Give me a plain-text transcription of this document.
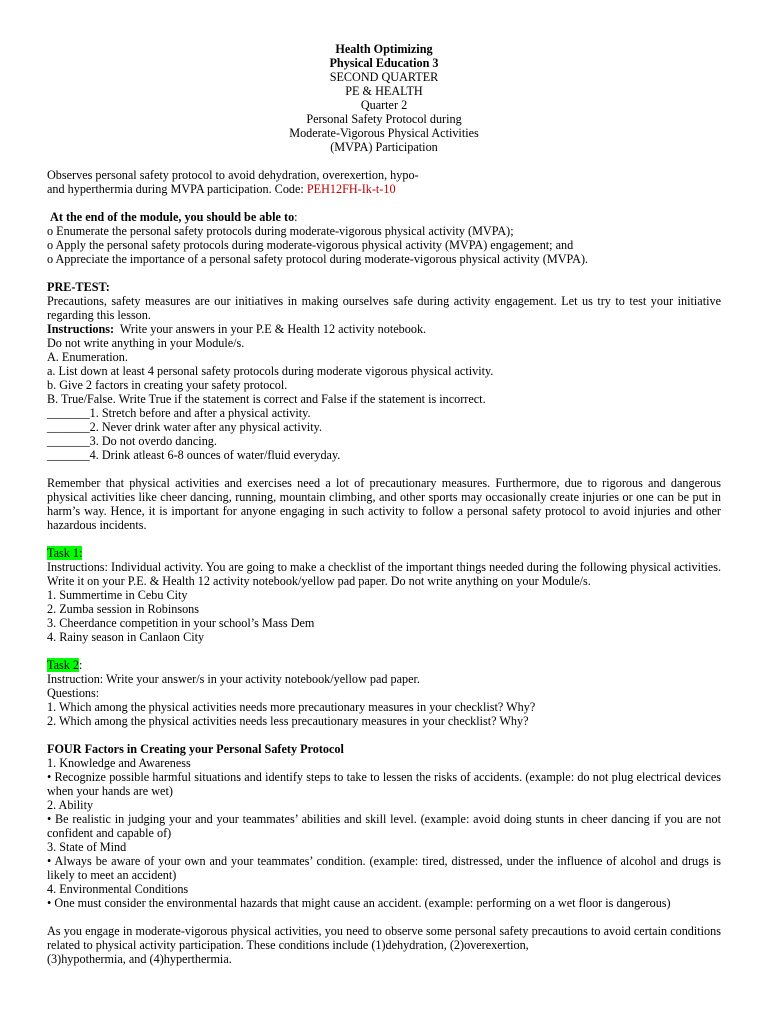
Health Optimizing
Physical Education 3
SECOND QUARTER
PE & HEALTH
Quarter 2
Personal Safety Protocol during
Moderate-Vigorous Physical Activities
(MVPA) Participation
Observes personal safety protocol to avoid dehydration, overexertion, hypo-
and hyperthermia during MVPA participation. Code: PEH12FH-Ik-t-10
At the end of the module, you should be able to:
o Enumerate the personal safety protocols during moderate-vigorous physical activity (MVPA);
o Apply the personal safety protocols during moderate-vigorous physical activity (MVPA) engagement; and
o Appreciate the importance of a personal safety protocol during moderate-vigorous physical activity (MVPA).
PRE-TEST:
Precautions, safety measures are our initiatives in making ourselves safe during activity engagement. Let us try to test your initiative regarding this lesson.
Instructions:  Write your answers in your P.E & Health 12 activity notebook.
Do not write anything in your Module/s.
A. Enumeration.
a. List down at least 4 personal safety protocols during moderate vigorous physical activity.
b. Give 2 factors in creating your safety protocol.
B. True/False. Write True if the statement is correct and False if the statement is incorrect.
_______1. Stretch before and after a physical activity.
_______2. Never drink water after any physical activity.
_______3. Do not overdo dancing.
_______4. Drink atleast 6-8 ounces of water/fluid everyday.
Remember that physical activities and exercises need a lot of precautionary measures. Furthermore, due to rigorous and dangerous physical activities like cheer dancing, running, mountain climbing, and other sports may occasionally create injuries or one can be put in harm’s way. Hence, it is important for anyone engaging in such activity to follow a personal safety protocol to avoid injuries and other hazardous incidents.
Task 1:
Instructions: Individual activity. You are going to make a checklist of the important things needed during the following physical activities. Write it on your P.E. & Health 12 activity notebook/yellow pad paper. Do not write anything on your Module/s.
1. Summertime in Cebu City
2. Zumba session in Robinsons
3. Cheerdance competition in your school’s Mass Dem
4. Rainy season in Canlaon City
Task 2:
Instruction: Write your answer/s in your activity notebook/yellow pad paper.
Questions:
1. Which among the physical activities needs more precautionary measures in your checklist? Why?
2. Which among the physical activities needs less precautionary measures in your checklist? Why?
FOUR Factors in Creating your Personal Safety Protocol
1. Knowledge and Awareness
• Recognize possible harmful situations and identify steps to take to lessen the risks of accidents. (example: do not plug electrical devices when your hands are wet)
2. Ability
• Be realistic in judging your and your teammates’ abilities and skill level. (example: avoid doing stunts in cheer dancing if you are not confident and capable of)
3. State of Mind
• Always be aware of your own and your teammates’ condition. (example: tired, distressed, under the influence of alcohol and drugs is likely to meet an accident)
4. Environmental Conditions
• One must consider the environmental hazards that might cause an accident. (example: performing on a wet floor is dangerous)
As you engage in moderate-vigorous physical activities, you need to observe some personal safety precautions to avoid certain conditions related to physical activity participation. These conditions include (1)dehydration, (2)overexertion,
(3)hypothermia, and (4)hyperthermia.
